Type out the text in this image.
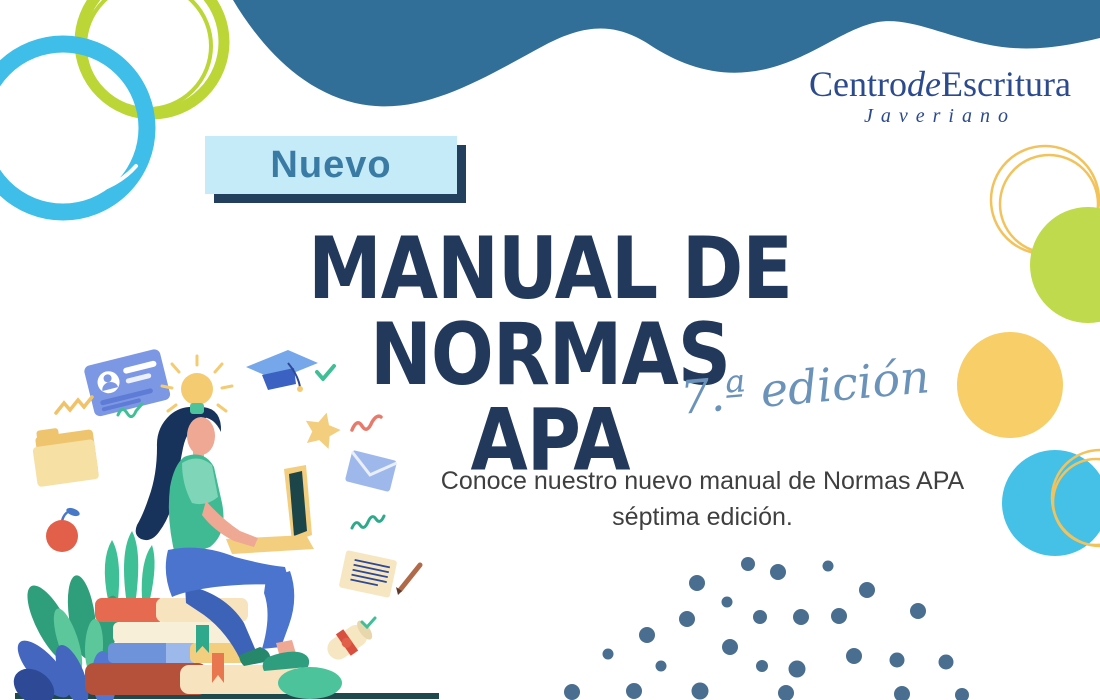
Nuevo
CentrodeEscritura
Javeriano
MANUAL DE NORMAS
APA
7.ª edición
Conoce nuestro nuevo manual de Normas APA
séptima edición.
